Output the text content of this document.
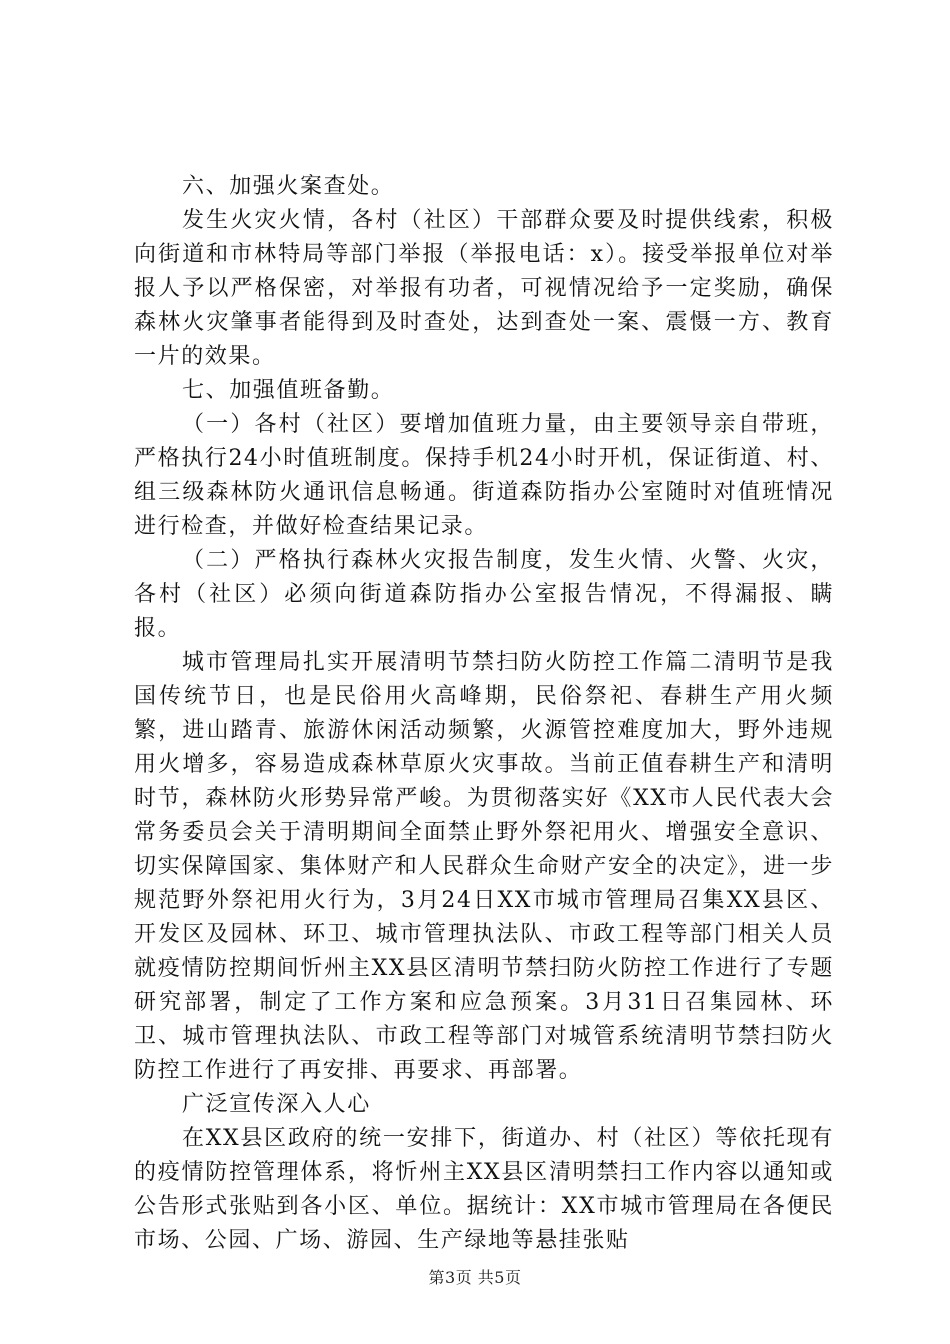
六、加强火案查处。

发生火灾火情，各村（社区）干部群众要及时提供线索，积极向街道和市林特局等部门举报（举报电话：x）。接受举报单位对举报人予以严格保密，对举报有功者，可视情况给予一定奖励，确保森林火灾肇事者能得到及时查处，达到查处一案、震慑一方、教育一片的效果。

七、加强值班备勤。

（一）各村（社区）要增加值班力量，由主要领导亲自带班，严格执行24小时值班制度。保持手机24小时开机，保证街道、村、组三级森林防火通讯信息畅通。街道森防指办公室随时对值班情况进行检查，并做好检查结果记录。

（二）严格执行森林火灾报告制度，发生火情、火警、火灾，各村（社区）必须向街道森防指办公室报告情况，不得漏报、瞒报。

城市管理局扎实开展清明节禁扫防火防控工作篇二清明节是我国传统节日，也是民俗用火高峰期，民俗祭祀、春耕生产用火频繁，进山踏青、旅游休闲活动频繁，火源管控难度加大，野外违规用火增多，容易造成森林草原火灾事故。当前正值春耕生产和清明时节，森林防火形势异常严峻。为贯彻落实好《XX市人民代表大会常务委员会关于清明期间全面禁止野外祭祀用火、增强安全意识、切实保障国家、集体财产和人民群众生命财产安全的决定》，进一步规范野外祭祀用火行为，3月24日XX市城市管理局召集XX县区、开发区及园林、环卫、城市管理执法队、市政工程等部门相关人员就疫情防控期间忻州主XX县区清明节禁扫防火防控工作进行了专题研究部署，制定了工作方案和应急预案。3月31日召集园林、环卫、城市管理执法队、市政工程等部门对城管系统清明节禁扫防火防控工作进行了再安排、再要求、再部署。

广泛宣传深入人心

在XX县区政府的统一安排下，街道办、村（社区）等依托现有的疫情防控管理体系，将忻州主XX县区清明禁扫工作内容以通知或公告形式张贴到各小区、单位。据统计：XX市城市管理局在各便民市场、公园、广场、游园、生产绿地等悬挂张贴

第3页 共5页
